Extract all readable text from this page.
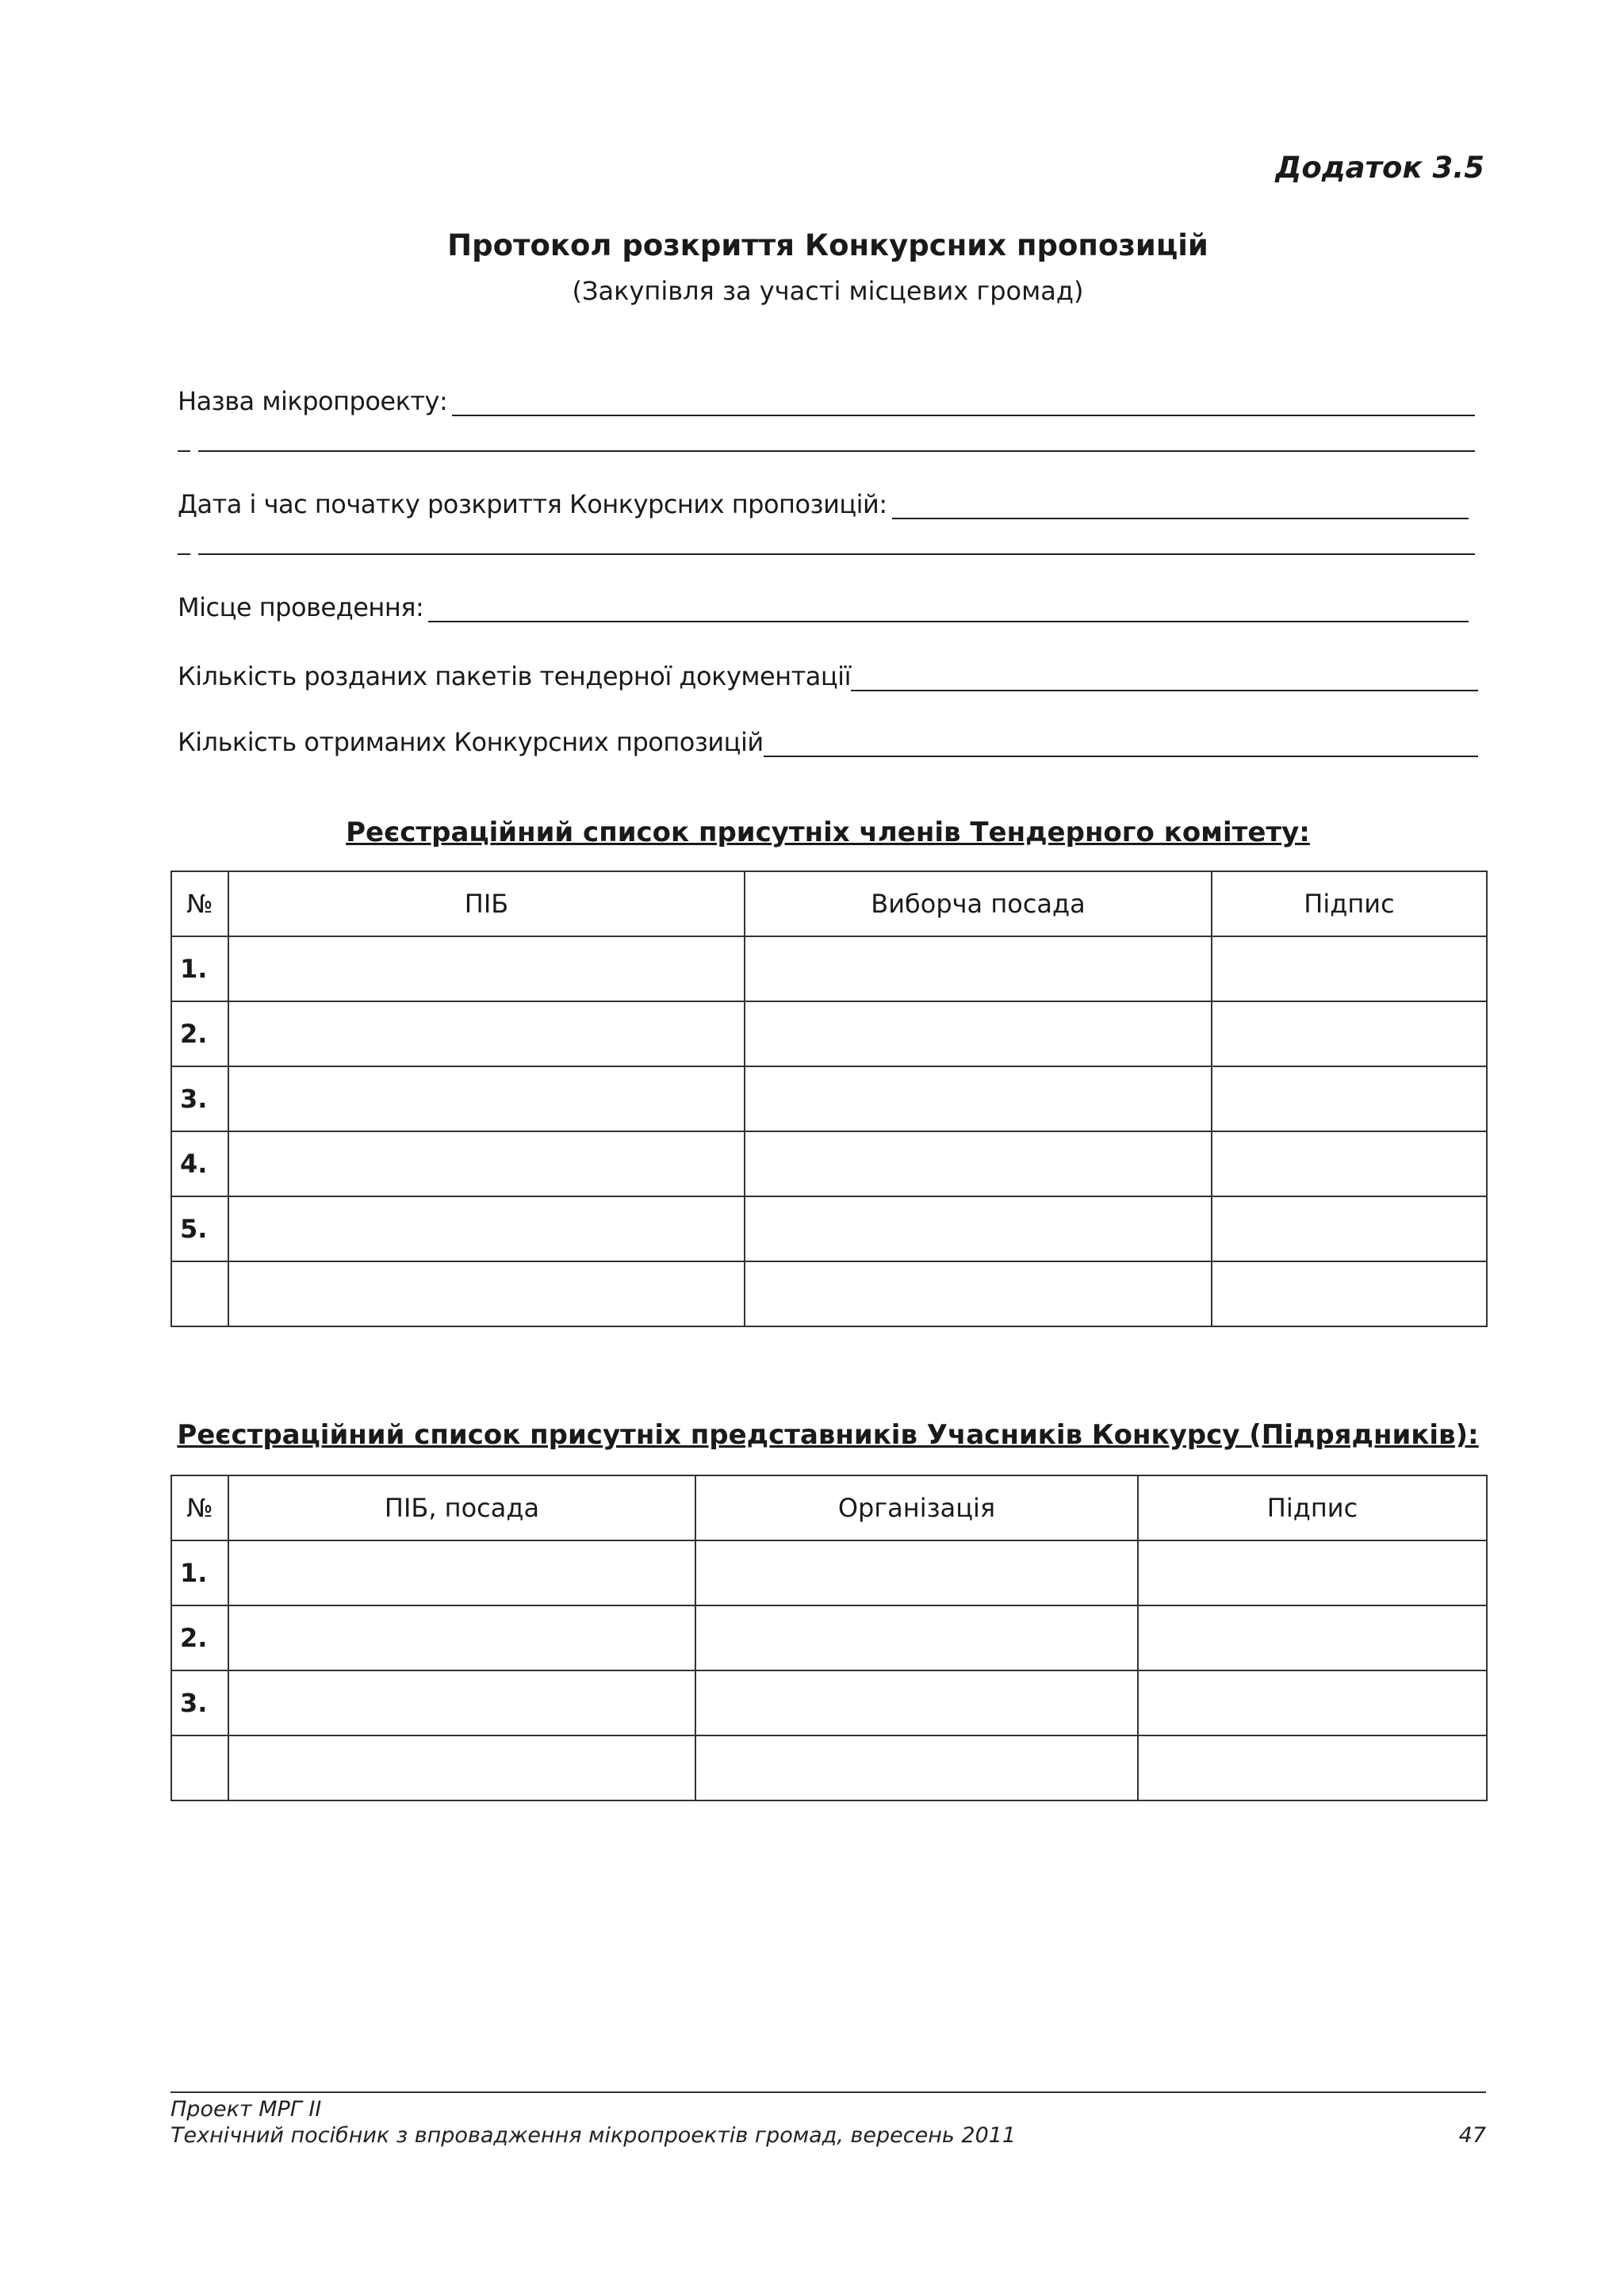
Додаток 3.5
Протокол розкриття Конкурсних пропозицій
(Закупівля за участі місцевих громад)
Назва мікропроекту:
Дата і час початку розкриття Конкурсних пропозицій:
Місце проведення:
Кількість розданих пакетів тендерної документації
Кількість отриманих Конкурсних пропозицій
Реєстраційний список присутніх членів Тендерного комітету:
№	ПІБ	Виборча посада	Підпис
1.			
2.			
3.			
4.			
5.			

Реєстраційний список присутніх представників Учасників Конкурсу (Підрядників):
№	ПІБ, посада	Організація	Підпис
1.			
2.			
3.			

Проект МРГ ІІ
Технічний посібник з впровадження мікропроектів громад, вересень 2011	47
